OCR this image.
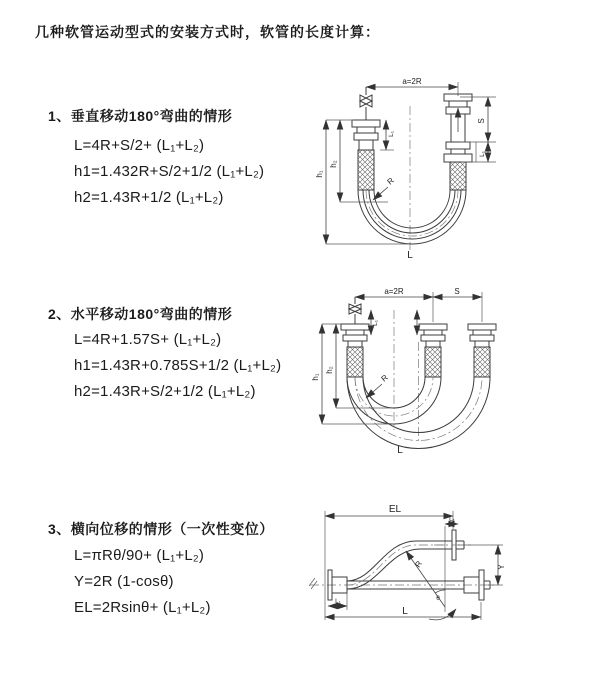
几种软管运动型式的安装方式时，软管的长度计算：
1、垂直移动180°弯曲的情形
L=4R+S/2+ (L₁+L₂)
h1=1.432R+S/2+1/2 (L₁+L₂)
h2=1.43R+1/2 (L₁+L₂)
a=2R
h₁
h₂
L₁
S
L₁
R
L
2、水平移动180°弯曲的情形
L=4R+1.57S+ (L₁+L₂)
h1=1.43R+0.785S+1/2 (L₁+L₂)
h2=1.43R+S/2+1/2 (L₁+L₂)
a=2R	S
h₁
h₂
L₁
R
L
3、横向位移的情形（一次性变位）
L=πRθ/90+ (L₁+L₂)
Y=2R (1-cosθ)
EL=2Rsinθ+ (L₁+L₂)
EL
L₁
Y
R
θ
L₁
L
